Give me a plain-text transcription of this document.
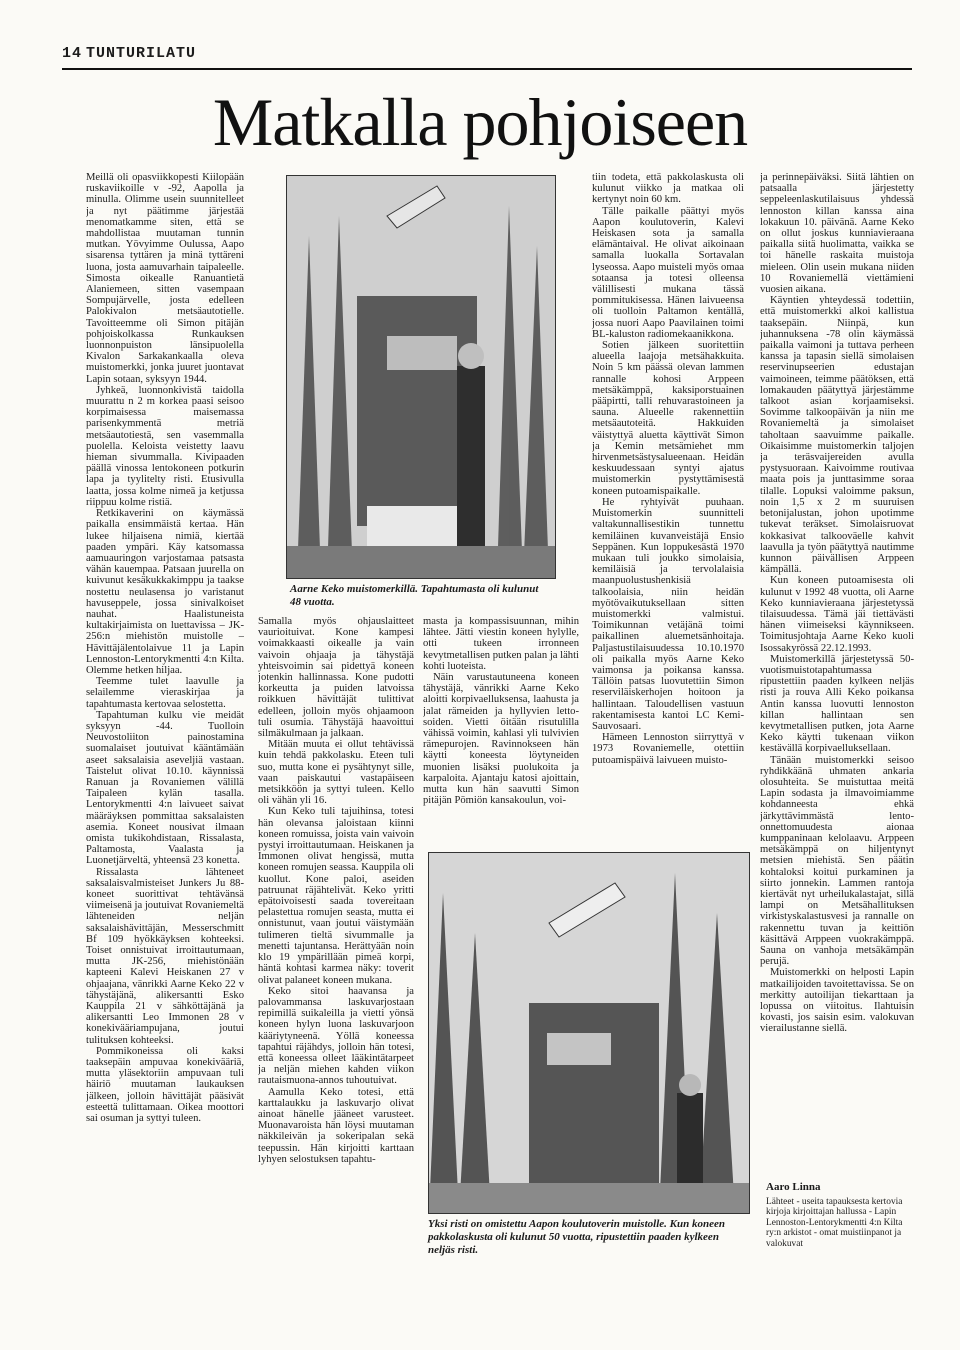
14 TUNTURILATU
Matkalla pohjoiseen

Meillä oli opasviikkopesti Kiilopään ruskaviikoille v -92, Aapolla ja minulla. Olimme usein suunnitelleet ja nyt päätimme järjestää menomatkamme siten, että se mahdollistaa muutaman tunnin mutkan. Yövyimme Oulussa, Aapo sisarensa tyttären ja minä tyttäreni luona, josta aamuvarhain taipaleelle. Simosta oikealle Ranuantietä Alaniemeen, sitten vasempaan Sompujärvelle, josta edelleen Palokivalon metsäautotielle. Tavoitteemme oli Simon pitäjän pohjoiskolkassa Runkauksen luonnonpuiston länsipuolella Kivalon Sarkakankaalla oleva muistomerkki, jonka juuret juontavat Lapin sotaan, syksyyn 1944.

Jyhkeä, luonnonkivistä taidolla muurattu n 2 m korkea paasi seisoo korpimaisessa maisemassa parisenkymmentä metriä metsäautotiestä, sen vasemmalla puolella. Keloista veistetty laavu hieman sivummalla. Kivipaaden päällä vinossa lentokoneen potkurin lapa ja tyylitelty risti. Etusivulla laatta, jossa kolme nimeä ja ketjussa riippuu kolme ristiä.

Retkikaverini on käymässä paikalla ensimmäistä kertaa. Hän lukee hiljaisena nimiä, kiertää paaden ympäri. Käy katsomassa aamuauringon varjostamaa patsasta vähän kauempaa. Patsaan juurella on kuivunut kesäkukkakimppu ja taakse nostettu neulasensa jo varistanut havuseppele, jossa sinivalkoiset nauhat. Haalistuneista kultakirjaimista on luettavissa – JK-256:n miehistön muistolle – Hävittäjälentolaivue 11 ja Lapin Lennoston-Lentorykmentti 4:n Kilta. Olemme hetken hiljaa.

Teemme tulet laavulle ja selailemme vieraskirjaa ja tapahtumasta kertovaa selostetta.

Tapahtuman kulku vie meidät syksyyn -44. Tuolloin Neuvostoliiton painostamina suomalaiset joutuivat kääntämään aseet saksalaisia aseveljiä vastaan. Taistelut olivat 10.10. käynnissä Ranuan ja Rovaniemen välillä Taipaleen kylän tasalla. Lentorykmentti 4:n laivueet saivat määräyksen pommittaa saksalaisten asemia. Koneet nousivat ilmaan omista tukikohdistaan, Rissalasta, Paltamosta, Vaalasta ja Luonetjärveltä, yhteensä 23 konetta.

Rissalasta lähteneet saksalaisvalmisteiset Junkers Ju 88-koneet suorittivat tehtävänsä viimeisenä ja joutuivat Rovaniemeltä lähteneiden neljän saksalaishävittäjän, Messerschmitt Bf 109 hyökkäyksen kohteeksi. Toiset onnistuivat irroittautumaan, mutta JK-256, miehistönään kapteeni Kalevi Heiskanen 27 v ohjaajana, vänrikki Aarne Keko 22 v tähystäjänä, alikersantti Esko Kauppila 21 v sähköttäjänä ja alikersantti Leo Immonen 28 v konekivääriampujana, joutui tulituksen kohteeksi.

Pommikoneissa oli kaksi taaksepäin ampuvaa konekivääriä, mutta yläsektoriin ampuvaan tuli häiriö muutaman laukauksen jälkeen, jolloin hävittäjät pääsivät esteettä tulittamaan. Oikea moottori sai osuman ja syttyi tuleen.

Aarne Keko muistomerkillä. Tapahtumasta oli kulunut 48 vuotta.

Samalla myös ohjauslaitteet vaurioituivat. Kone kampesi voimakkaasti oikealle ja vain vaivoin ohjaaja ja tähystäjä yhteisvoimin sai pidettyä koneen jotenkin hallinnassa. Kone pudotti korkeutta ja puiden latvoissa roikkuen hävittäjät tulittivat edelleen, jolloin myös ohjaamoon tuli osumia. Tähystäjä haavoittui silmäkulmaan ja jalkaan.

Mitään muuta ei ollut tehtävissä kuin tehdä pakkolasku. Eteen tuli suo, mutta kone ei pysähtynyt sille, vaan paiskautui vastapäiseen metsikköön ja syttyi tuleen. Kello oli vähän yli 16.

Kun Keko tuli tajuihinsa, totesi hän olevansa jaloistaan kiinni koneen romuissa, joista vain vaivoin pystyi irroittautumaan. Heiskanen ja Immonen olivat hengissä, mutta koneen romujen seassa. Kauppila oli kuollut. Kone paloi, aseiden patruunat räjähtelivät. Keko yritti epätoivoisesti saada tovereitaan pelastettua romujen seasta, mutta ei onnistunut, vaan joutui väistymään tulimeren tieltä sivummalle ja menetti tajuntansa. Herättyään noin klo 19 ympärillään pimeä korpi, häntä kohtasi karmea näky: toverit olivat palaneet koneen mukana.

Keko sitoi haavansa ja palovammansa laskuvarjostaan repimillä suikaleilla ja vietti yönsä koneen hylyn luona laskuvarjoon kääriytyneenä. Yöllä koneessa tapahtui räjähdys, jolloin hän totesi, että koneessa olleet lääkintätarpeet ja neljän miehen kahden viikon rautaismuona-annos tuhoutuivat.

Aamulla Keko totesi, että karttalaukku ja laskuvarjo olivat ainoat hänelle jääneet varusteet. Muonavaroista hän löysi muutaman näkkileivän ja sokeripalan sekä teepussin. Hän kirjoitti karttaan lyhyen selostuksen tapahtu-

masta ja kompassisuunnan, mihin lähtee. Jätti viestin koneen hylylle, otti tukeen irronneen kevytmetallisen putken palan ja lähti kohti luoteista.

Näin varustautuneena koneen tähystäjä, vänrikki Aarne Keko aloitti korpivaelluksensa, laahusta ja jalat rämeiden ja hyllyvien letto-soiden. Vietti öitään risutulilla vähissä voimin, kahlasi yli tulvivien rämepurojen. Ravinnokseen hän käytti koneesta löytyneiden muonien lisäksi puolukoita ja karpaloita. Ajantaju katosi ajoittain, mutta kun hän saavutti Simon pitäjän Pömiön kansakoulun, voi-

tiin todeta, että pakkolaskusta oli kulunut viikko ja matkaa oli kertynyt noin 60 km.

Tälle paikalle päättyi myös Aapon koulutoverin, Kalevi Heiskasen sota ja samalla elämäntaival. He olivat aikoinaan samalla luokalla Sortavalan lyseossa. Aapo muisteli myös omaa sotaansa ja totesi olleensa välillisesti mukana tässä pommitukisessa. Hänen laivueensa oli tuolloin Paltamon kentällä, jossa nuori Aapo Paavilainen toimi BL-kaluston radiomekaanikkona.

Sotien jälkeen suoritettiin alueella laajoja metsähakkuita. Noin 5 km päässä olevan lammen rannalle kohosi Arppeen metsäkämppä, kaksiporstuainen pääpirtti, talli rehuvarastoineen ja sauna. Alueelle rakennettiin metsäautoteitä. Hakkuiden väistyttyä aluetta käyttivät Simon ja Kemin metsämiehet mm hirvenmetsästysalueenaan. Heidän keskuudessaan syntyi ajatus muistomerkin pystyttämisestä koneen putoamispaikalle.

He ryhtyivät puuhaan. Muistomerkin suunnitteli valtakunnallisestikin tunnettu kemiläinen kuvanveistäjä Ensio Seppänen. Kun loppukesästä 1970 mukaan tuli joukko simolaisia, kemiläisiä ja tervolalaisia maanpuolustushenkisiä talkoolaisia, niin heidän myötövaikutuksellaan sitten muistomerkki valmistui. Toimikunnan vetäjänä toimi paikallinen aluemetsänhoitaja. Paljastustilaisuudessa 10.10.1970 oli paikalla myös Aarne Keko vaimonsa ja poikansa kanssa. Tällöin patsas luovutettiin Simon reserviläiskerhojen hoitoon ja hallintaan. Taloudellisen vastuun rakentamisesta kantoi LC Kemi-Sauvosaari.

Hämeen Lennoston siirryttyä v 1973 Rovaniemelle, otettiin putoamispäivä laivueen muisto-

Yksi risti on omistettu Aapon koulutoverin muistolle. Kun koneen pakkolaskusta oli kulunut 50 vuotta, ripustettiin paaden kylkeen neljäs risti.

ja perinnepäiväksi. Siitä lähtien on patsaalla järjestetty seppeleenlaskutilaisuus yhdessä lennoston killan kanssa aina lokakuun 10. päivänä. Aarne Keko on ollut joskus kunniavieraana paikalla siitä huolimatta, vaikka se toi hänelle raskaita muistoja mieleen. Olin usein mukana niiden 10 Rovaniemellä viettämieni vuosien aikana.

Käyntien yhteydessä todettiin, että muistomerkki alkoi kallistua taaksepäin. Niinpä, kun juhannuksena -78 olin käymässä paikalla vaimoni ja tuttava perheen kanssa ja tapasin siellä simolaisen reservinupseerien edustajan vaimoineen, teimme päätöksen, että lomakauden päätyttyä järjestämme talkoot asian korjaamiseksi. Sovimme talkoopäivän ja niin me Rovaniemeltä ja simolaiset taholtaan saavuimme paikalle. Oikaisimme muistomerkin taljojen ja teräsvaijereiden avulla pystysuoraan. Kaivoimme routivaa maata pois ja junttasimme soraa tilalle. Lopuksi valoimme paksun, noin 1,5 x 2 m suuruisen betonijalustan, johon upotimme tukevat teräkset. Simolaisruovat kokkasivat talkooväelle kahvit laavulla ja työn päätyttyä nautimme kunnon päivällisen Arppeen kämpällä.

Kun koneen putoamisesta oli kulunut v 1992 48 vuotta, oli Aarne Keko kunniavieraana järjestetyssä tilaisuudessa. Tämä jäi tiettävästi hänen viimeiseksi käynnikseen. Toimitusjohtaja Aarne Keko kuoli Isossakyrössä 22.12.1993.

Muistomerkillä järjestetyssä 50-vuotismuistotapahtumassa ripustettiin paaden kylkeen neljäs risti ja rouva Alli Keko poikansa Antin kanssa luovutti lennoston killan hallintaan sen kevytmetallisen putken, jota Aarne Keko käytti tukenaan viikon kestävällä korpivaelluksellaan.

Tänään muistomerkki seisoo ryhdikkäänä uhmaten ankaria olosuhteita. Se muistuttaa meitä Lapin sodasta ja ilmavoimiamme kohdanneesta ehkä järkyttävimmästä lento-onnettomuudesta aionaa kumppaninaan kelolaavu. Arppeen metsäkämppä on hiljentynyt metsien miehistä. Sen päätin kohtaloksi koitui purkaminen ja siirto jonnekin. Lammen rantoja kiertävät nyt urheilukalastajat, sillä lampi on Metsähallituksen virkistyskalastusvesi ja rannalle on rakennettu tuvan ja keittiön käsittävä Arppeen vuokrakämppä. Sauna on vanhoja metsäkämpän perujä.

Muistomerkki on helposti Lapin matkailijoiden tavoitettavissa. Se on merkitty autoilijan tiekarttaan ja lopussa on viitoitus. Ilahtuisin kovasti, jos saisin esim. valokuvan vierailustanne siellä.

Aaro Linna
Lähteet - useita tapauksesta kertovia kirjoja kirjoittajan hallussa - Lapin Lennoston-Lentorykmentti 4:n Kilta ry:n arkistot - omat muistiinpanot ja valokuvat
